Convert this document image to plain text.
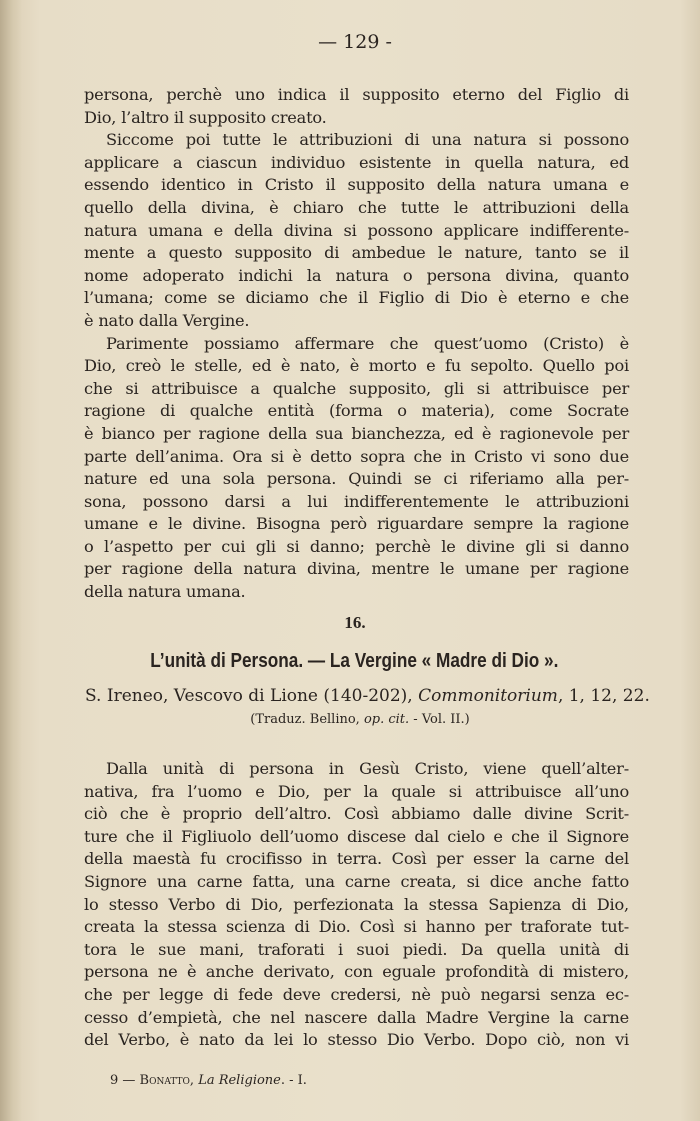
— 129 -
persona, perchè uno indica il supposito eterno del Figlio di
Dio, l’altro il supposito creato.
Siccome poi tutte le attribuzioni di una natura si possono
applicare a ciascun individuo esistente in quella natura, ed
essendo identico in Cristo il supposito della natura umana e
quello della divina, è chiaro che tutte le attribuzioni della
natura umana e della divina si possono applicare indifferente-
mente a questo supposito di ambedue le nature, tanto se il
nome adoperato indichi la natura o persona divina, quanto
l’umana; come se diciamo che il Figlio di Dio è eterno e che
è nato dalla Vergine.
Parimente possiamo affermare che quest’uomo (Cristo) è
Dio, creò le stelle, ed è nato, è morto e fu sepolto. Quello poi
che si attribuisce a qualche supposito, gli si attribuisce per
ragione di qualche entità (forma o materia), come Socrate
è bianco per ragione della sua bianchezza, ed è ragionevole per
parte dell’anima. Ora si è detto sopra che in Cristo vi sono due
nature ed una sola persona. Quindi se ci riferiamo alla per-
sona, possono darsi a lui indifferentemente le attribuzioni
umane e le divine. Bisogna però riguardare sempre la ragione
o l’aspetto per cui gli si danno; perchè le divine gli si danno
per ragione della natura divina, mentre le umane per ragione
della natura umana.
16.
L’unità di Persona. — La Vergine « Madre di Dio ».
S. Ireneo, Vescovo di Lione (140-202), Commonitorium, 1, 12, 22.
(Traduz. Bellino, op. cit. - Vol. II.)
Dalla unità di persona in Gesù Cristo, viene quell’alter-
nativa, fra l’uomo e Dio, per la quale si attribuisce all’uno
ciò che è proprio dell’altro. Così abbiamo dalle divine Scrit-
ture che il Figliuolo dell’uomo discese dal cielo e che il Signore
della maestà fu crocifisso in terra. Così per esser la carne del
Signore una carne fatta, una carne creata, si dice anche fatto
lo stesso Verbo di Dio, perfezionata la stessa Sapienza di Dio,
creata la stessa scienza di Dio. Così si hanno per traforate tut-
tora le sue mani, traforati i suoi piedi. Da quella unità di
persona ne è anche derivato, con eguale profondità di mistero,
che per legge di fede deve credersi, nè può negarsi senza ec-
cesso d’empietà, che nel nascere dalla Madre Vergine la carne
del Verbo, è nato da lei lo stesso Dio Verbo. Dopo ciò, non vi
9 — Bonatto, La Religione. - I.
